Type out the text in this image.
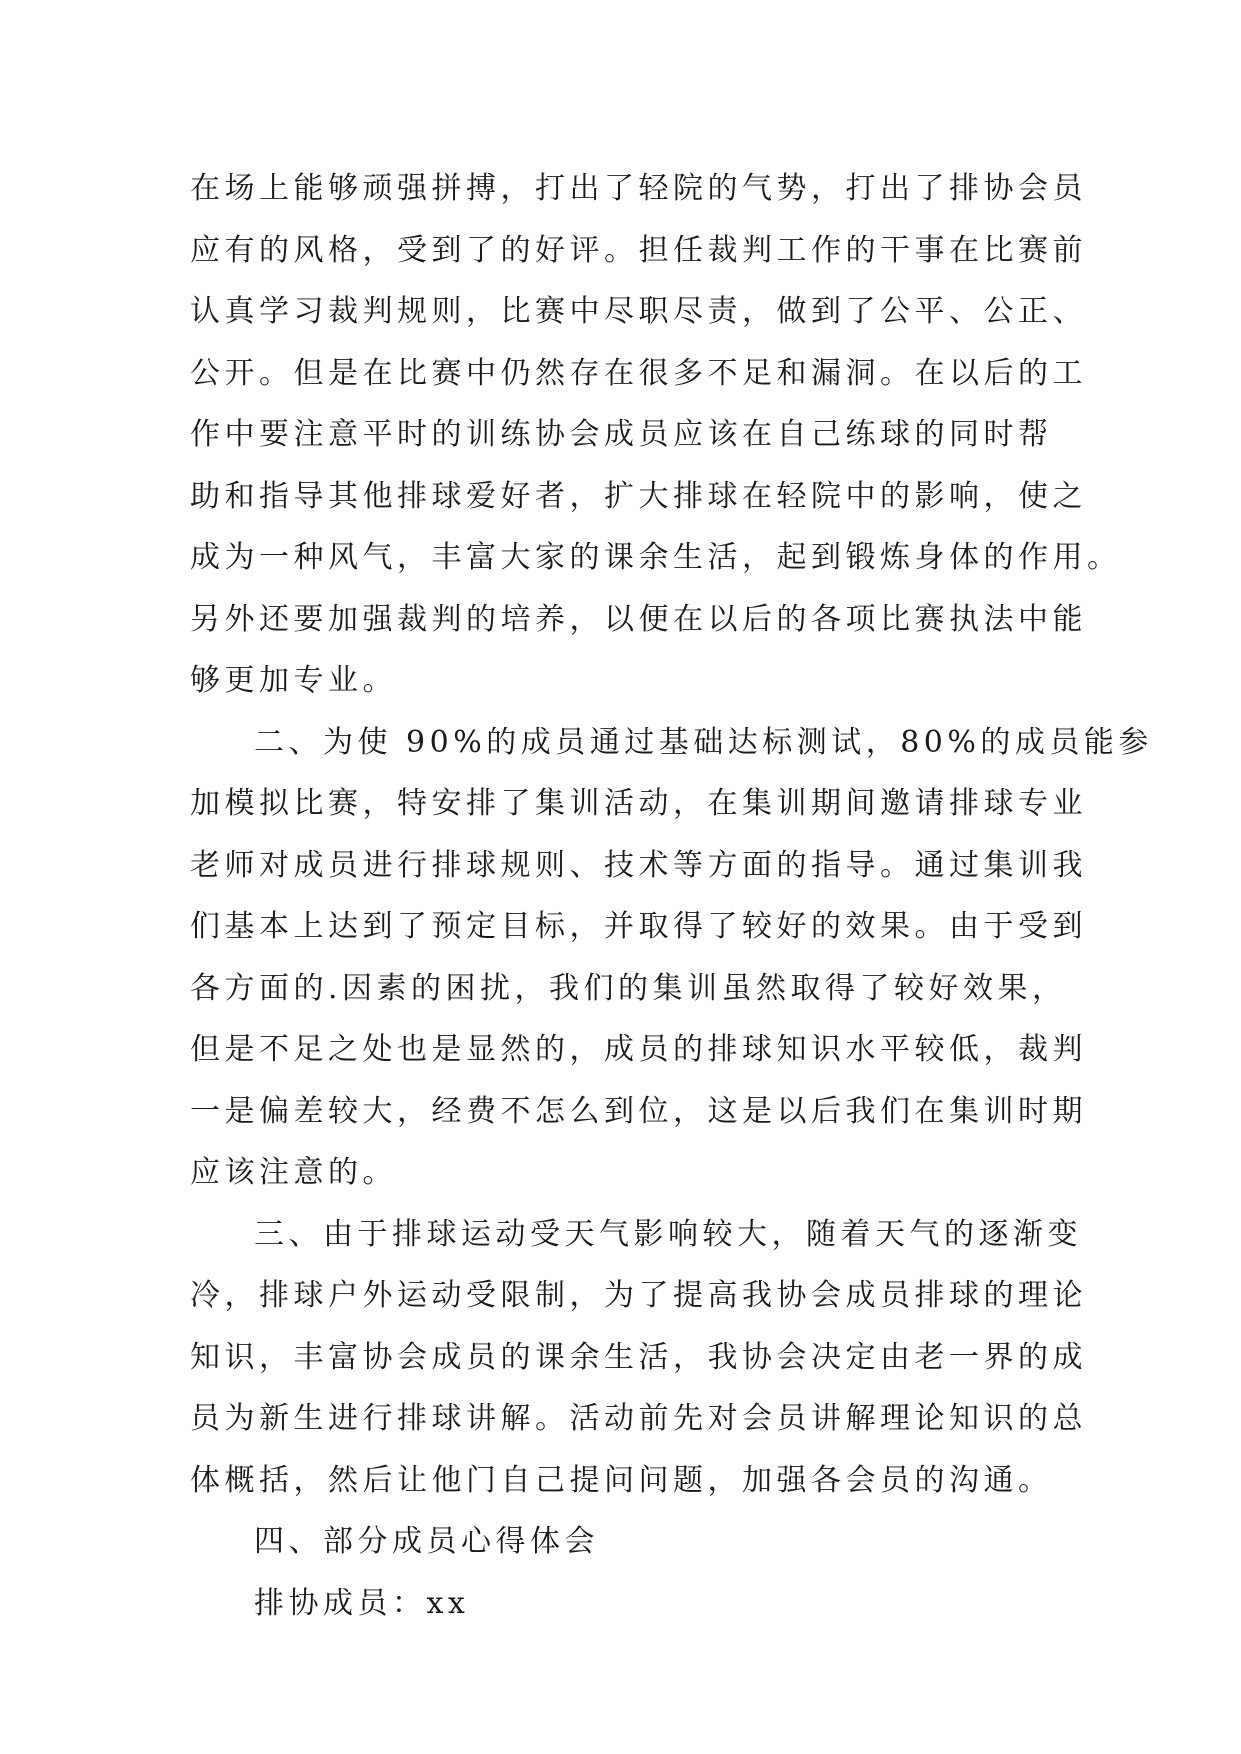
在场上能够顽强拼搏，打出了轻院的气势，打出了排协会员
应有的风格，受到了的好评。担任裁判工作的干事在比赛前
认真学习裁判规则，比赛中尽职尽责，做到了公平、公正、
公开。但是在比赛中仍然存在很多不足和漏洞。在以后的工
作中要注意平时的训练协会成员应该在自己练球的同时帮
助和指导其他排球爱好者，扩大排球在轻院中的影响，使之
成为一种风气，丰富大家的课余生活，起到锻炼身体的作用。
另外还要加强裁判的培养，以便在以后的各项比赛执法中能
够更加专业。
二、为使 90%的成员通过基础达标测试，80%的成员能参
加模拟比赛，特安排了集训活动，在集训期间邀请排球专业
老师对成员进行排球规则、技术等方面的指导。通过集训我
们基本上达到了预定目标，并取得了较好的效果。由于受到
各方面的.因素的困扰，我们的集训虽然取得了较好效果，
但是不足之处也是显然的，成员的排球知识水平较低，裁判
一是偏差较大，经费不怎么到位，这是以后我们在集训时期
应该注意的。
三、由于排球运动受天气影响较大，随着天气的逐渐变
冷，排球户外运动受限制，为了提高我协会成员排球的理论
知识，丰富协会成员的课余生活，我协会决定由老一界的成
员为新生进行排球讲解。活动前先对会员讲解理论知识的总
体概括，然后让他门自己提问问题，加强各会员的沟通。
四、部分成员心得体会
排协成员：xx
